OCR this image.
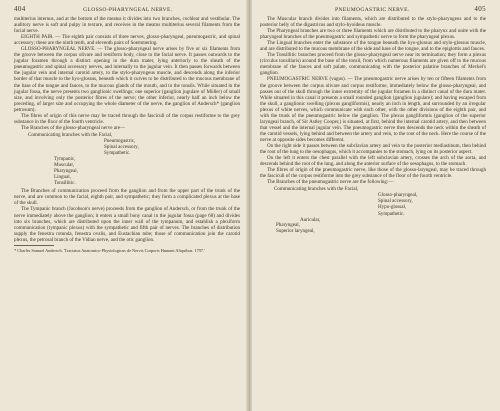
404	GLOSSO-PHARYNGEAL NERVE.

multiterius internus, and at the bottom of the meatus it divides into two branches, cochlear and vestibular. The auditory nerve is soft and pulpy in texture, and receives in the meatus multiterius several filaments from the facial nerve.

EIGHTH PAIR. — The eighth pair consists of three nerves, glosso-pharyngeal, pneumogastric, and spinal accessory; these are the ninth tenth, and eleventh pairs of Soemmering.

GLOSSO-PHARYNGEAL NERVE. — The glosso-pharyngeal nerve arises by five or six filaments from the groove between the corpus olivare and restiform body, close to the facial nerve. It passes outwards to the jugular foramen through a distinct opening in the dura mater, lying anteriorly to the sheath of the pneumogastric and spinal accessory nerves, and internally to the jugular vein. It then passes forwards between the jugular vein and internal carotid artery, to the stylo-pharyngeus muscle, and descends along the inferior border of that muscle to the hyo-glossus, beneath which it curves to be distributed to the mucous membrane of the base of the tongue and fauces, to the mucous glands of the mouth, and to the tonsils. While situated in the jugular fossa, the nerve presents two ganglionic swellings; one superior (ganglion jugulare of Müller) of small size, and involving only the posterior fibres of the nerve; the other inferior, nearly half an inch below the preceding, of larger size and occupying the whole diameter of the nerve, the ganglion of Andersch* (ganglion petrosum).

The fibres of origin of this nerve may be traced through the fasciculi of the corpus restiforme to the grey substance in the floor of the fourth ventricle.

The Branches of the glosso-pharyngeal nerve are—

Communicating branches with the Facial,
Pneumogastric,
Spinal accessory,
Sympathetic.
Tympanic,
Muscular,
Pharyngeal,
Lingual,
Tonsillitic.

The Branches of communication proceed from the ganglion and from the upper part of the trunk of the nerve, and are common to the facial, eighth pair, and sympathetic; they form a complicated plexus at the base of the skull.

The Tympanic branch (Jacobson's nerve) proceeds from the ganglion of Andersch, or from the trunk of the nerve immediately above the ganglion; it enters a small bony canal in the jugular fossa (page 68) and divides into six branches, which are distributed upon the inner wall of the tympanum, and establish a plexiform communication (tympanic plexus) with the sympathetic and fifth pair of nerves. The branches of distribution supply the fenestra rotunda, fenestra ovalis, and Eustachian tube; those of communication join the carotid plexus, the petrosal branch of the Vidian nerve, and the otic ganglion.

* Charles Samuel Andersch. 'Tractatus Anatomico-Physiologicus de Nervis Corporis Humani Aliquibus. 1797.'

PNEUMOGASTRIC NERVE.	405

The Muscular branch divides into filaments, which are distributed to the stylo-pharyngeus and to the posterior belly of the digastricus and stylo-hyoideus muscle.

The Pharyngeal branches are two or three filaments which are distributed to the pharynx and unite with the pharyngeal branches of the pneumogastric and sympathetic nerve to form the pharyngeal plexus.

The Lingual branches enter the substance of the tongue beneath the hyo-glossus and stylo-glossus muscle, and are distributed to the mucous membrane of the side and base of the tongue, and to the epiglottis and fauces.

The Tonsillitic branches proceed from the glosso-pharyngeal nerve near its termination; they form a plexus (circulus tonsillaris) around the base of the tonsil, from which numerous filaments are given off to the mucous membrane of the fauces and soft palate, communicating with the posterior palatine branches of Meckel's ganglion.

PNEUMOGASTRIC NERVE (vagus). — The pneumogastric nerve arises by ten or fifteen filaments from the groove between the corpus olivare and corpus restiforme, immediately below the glosso-pharyngeal, and passes out of the skull through the inner extremity of the jugular foramen in a distinct canal of the dura mater. While situated in this canal it presents a small rounded ganglion (ganglion jugulare); and having escaped from the skull, a ganglionic swelling (plexus gangliformis), nearly an inch in length, and surrounded by an irregular plexus of white nerves, which communicate with each other, with the other divisions of the eighth pair, and with the trunk of the pneumogastric below the ganglion. The plexus gangliformis (ganglion of the superior laryngeal branch, of Sir Astley Cooper,) is situated, at first, behind the internal carotid artery, and then between that vessel and the internal jugular vein. The pneumogastric nerve then descends the neck within the sheath of the carotid vessels, lying behind and between the artery and vein, to the root of the neck. Here the course of the nerve at opposite sides becomes different.

On the right side it passes between the subclavian artery and vein to the posterior mediastinum, then behind the root of the lung to the oesophagus, which it accompanies to the stomach, lying on its posterior aspect.

On the left it enters the chest parallel with the left subclavian artery, crosses the arch of the aorta, and descends behind the root of the lung, and along the anterior surface of the oesophagus, to the stomach.

The fibres of origin of the pneumogastric nerve, like those of the glosso-laryngeal, may be traced through the fasciculi of the corpus restiforme into the grey substance of the floor of the fourth ventricle.

The Branches of the pneumogastric nerve are the following:—

Communicating branches with the Facial,
Glosso-pharyngeal,
Spinal accessory,
Hypo-glossal,
Sympathetic.
Auricular,
Pharyngeal,
Superior laryngeal,
